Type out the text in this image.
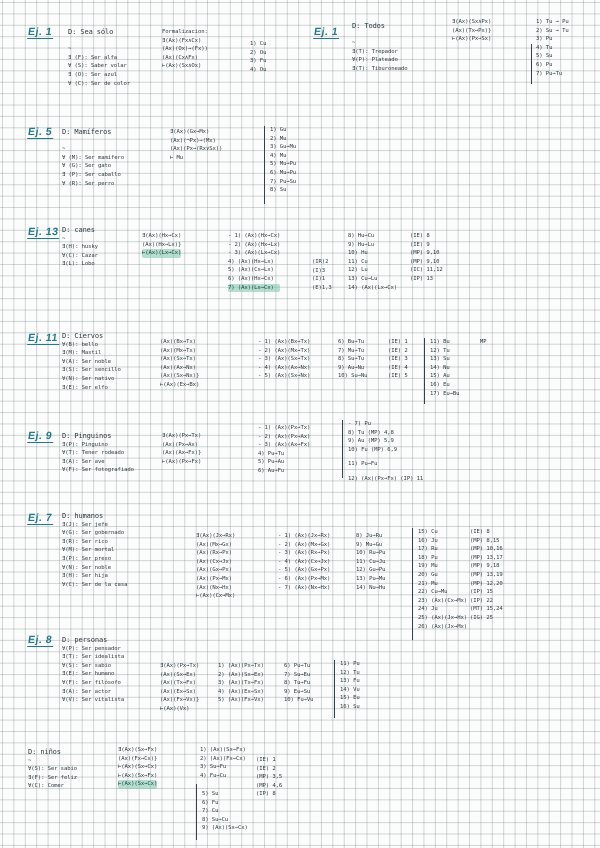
Ej. 1 D: Sea sólo
~
∃ (F): Ser alfa
∀ (S): Saber volar
∃ (O): Ser azul
∀ (C): Ser de color
Formalizacion:
∃(Ax)(Fx∧Cx)
(Ax)(Ox)→(Fx))
(Ax)(Cx∧Fx)
⊢(Ax)(Sx∧Ox)
1) Cu
2) Ou
3) Fu
4) Ou
Ej. 1 D: Todos
~
∃(T): Trepador
∀(P): Plateado
∃(T): Tiburoneado
∃(Ax)(Sx∧Px)
(Ax)(Tx→Px)}
⊢(Ax)(Px→Sx)
1) Tu → Pu
2) Su → Tu
3) Pu
4) Tu
5) Su
6) Pu
7) Pu→Tu
Ej. 5 D: Mamíferos
~
∀ (M): Ser mamífero
∀ (G): Ser gato
∃ (P): Ser caballo
∀ (R): Ser perro
∃(Ax)(Gx→Mx)
(Ax)(¬Px)→(Mx)
(Ax)(Px→(Rx∨Sx))
⊢ Mu
1) Gu
2) Mu
3) Gu→Mu
4) Mu
5) Mu→Pu
6) Mu→Pu
7) Pu→Su
8) Su
Ej. 13 D: canes
~
∃(H): husky
∀(C): Cazar
∃(L): Lobo
∃(Ax)(Hx→Cx)
(Ax)(Hx→Lx)}
⊢(Ax)(Lx→Cx)
- 1) (Ax)(Hx→Cx)
- 2) (Ax)(Hx→Lx)
- 3) (Ax)(Lx→Cx)
4) (Ax)(Hx→Lx)
5) (Ax)(Cx→Lx)
6) (Ax)(Hx→Cx)
7) (Ax)(Lx→Cx)
(IR)2
(I)3
(I)1
(E)1,3
8) Hu→Cu
9) Hu→Lu
10) Hu
11) Cu
12) Lu
13) Cu→Lu
14) (Ax)(Lx→Cx)
(IE) 8
(IE) 9
(MP) 9,10
(MP) 9,10
(IC) 11,12
(IP) 13
Ej. 11 D: Ciervos
∀(B): bello
∃(M): Mastil
∀(A): Ser noble
∃(S): Ser sencillo
∀(N): Ser nativo
∃(E): Ser elfo
(Ax)(Bx→Tx)
(Ax)(Mx→Tx)
(Ax)(Sx→Tx)
(Ax)(Ax→Nx)
(Ax)(Sx→Nx)}
⊢(Ax)(Ex→Bx)
- 1) (Ax)(Bx→Tx)
- 2) (Ax)(Mx→Tx)
- 3) (Ax)(Sx→Tx)
- 4) (Ax)(Ax→Nx)
- 5) (Ax)(Sx→Nx)
6) Bu→Tu
7) Mu→Tu
8) Su→Tu
9) Au→Nu
10) Su→Nu
(IE) 1
(IE) 2
(IE) 3
(IE) 4
(IE) 5
11) Bu
12) Tu
13) Su
14) Nu
15) Au
16) Eu
17) Eu→Bu
MP
Ej. 9 D: Pinguinos
∃(P): Pinguino
∀(T): Tener rodeado
∃(A): Ser ave
∀(F): Ser fotografiado
∃(Ax)(Px→Tx)
(Ax)(Px→Ax)
(Ax)(Ax→Fx)}
⊢(Ax)(Px→Fx)
- 1) (Ax)(Px→Tx)
- 2) (Ax)(Px→Ax)
- 3) (Ax)(Ax→Fx)
4) Pu→Tu
5) Pu→Au
6) Au→Fu
- 7) Pu
8) Tu (MP) 4,8
9) Au (MP) 5,9
10) Fu (MP) 6,9
11) Pu→Fu
12) (Ax)(Px→Fx) (IP) 11
Ej. 7 D: humanos
∃(J): Ser jefe
∀(G): Ser gobernado
∃(R): Ser rico
∀(M): Ser mortal
∃(P): Ser preso
∀(N): Ser noble
∃(H): Ser hija
∀(C): Ser de la casa
∃(Ax)(Jx→Rx)
(Ax)(Mx→Gx)
(Ax)(Rx→Px)
(Ax)(Cx→Jx)
(Ax)(Gx→Px)
(Ax)(Px→Mx)
(Ax)(Nx→Hx)
⊢(Ax)(Cx→Mx)
- 1) (Ax)(Jx→Rx)
- 2) (Ax)(Mx→Gx)
- 3) (Ax)(Rx→Px)
- 4) (Ax)(Cx→Jx)
- 5) (Ax)(Gx→Px)
- 6) (Ax)(Px→Mx)
- 7) (Ax)(Nx→Hx)
8) Ju→Ru
9) Mu→Gu
10) Ru→Pu
11) Cu→Ju
12) Gu→Pu
13) Pu→Mu
14) Nu→Hu
15) Cu
16) Ju
17) Ru
18) Pu
19) Mu
20) Gu
21) Mu
22) Cu→Mu
23) (Ax)(Cx→Mx)
24) Ju
25) (Ax)(Jx→Hx)
26) (Ax)(Jx→Mx)
(IE) 8
(MP) 8,15
(MP) 10,16
(MP) 13,17
(MP) 9,18
(MP) 13,19
(MP) 12,20
(IP) 15
(IP) 22
(MT) 15,24
(IG) 25
Ej. 8 D: personas
∀(P): Ser pensador
∃(T): Ser idealista
∀(S): Ser sabio
∃(E): Ser humano
∀(F): Ser filósofo
∃(A): Ser actor
∀(V): Ser vitalista
∃(Ax)(Px→Tx)
(Ax)(Sx→Ex)
(Ax)(Tx→Fx)
(Ax)(Ex→Sx)
(Ax)(Fx→Vx)}
⊢(Ax)(Vx)
1) (Ax)(Px→Tx)
2) (Ax)(Sx→Ex)
3) (Ax)(Tx→Fx)
4) (Ax)(Ex→Sx)
5) (Ax)(Fx→Vx)
6) Pu→Tu
7) Su→Eu
8) Tu→Fu
9) Eu→Su
10) Fu→Vu
11) Pu
12) Tu
13) Fu
14) Vu
15) Eu
16) Su
D: niños
~
∀(S): Ser sabio
∃(F): Ser feliz
∀(C): Comer
∃(Ax)(Sx→Fx)
(Ax)(Fx→Cx)}
⊢(Ax)(Sx→Cx)
⊢(Ax)(Sx→Fx)
⊢(Ax)(Sx→Cx)
1) (Ax)(Sx→Fx)
2) (Ax)(Fx→Cx)
3) Su→Fu
4) Fu→Cu
5) Su
6) Fu
7) Cu
8) Su→Cu
9) (Ax)(Sx→Cx)
(IE) 1
(IE) 2
(MP) 3,5
(MP) 4,6
(IP) 8
